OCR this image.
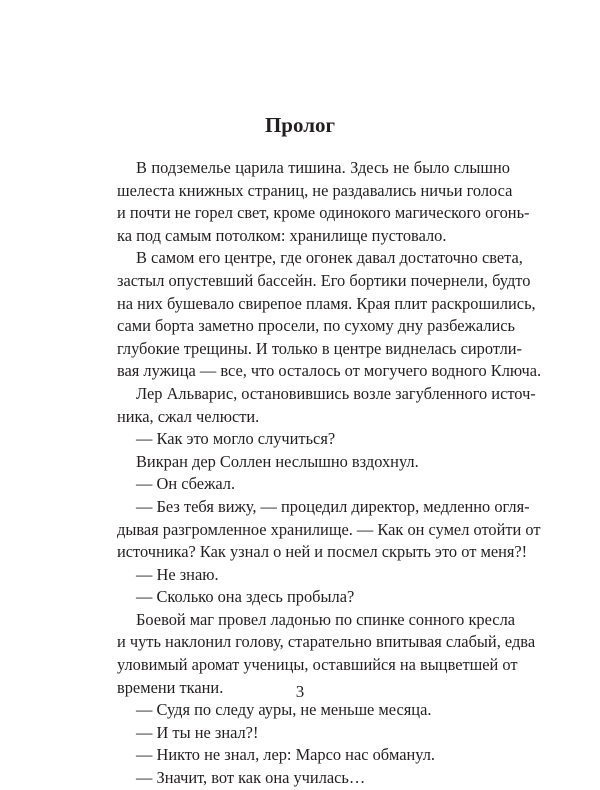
Пролог

В подземелье царила тишина. Здесь не было слышно
шелеста книжных страниц, не раздавались ничьи голоса
и почти не горел свет, кроме одинокого магического огонь-
ка под самым потолком: хранилище пустовало.

В самом его центре, где огонек давал достаточно света,
застыл опустевший бассейн. Его бортики почернели, будто
на них бушевало свирепое пламя. Края плит раскрошились,
сами борта заметно просели, по сухому дну разбежались
глубокие трещины. И только в центре виднелась сиротли-
вая лужица — все, что осталось от могучего водного Ключа.

Лер Альварис, остановившись возле загубленного источ-
ника, сжал челюсти.

— Как это могло случиться?

Викран дер Соллен неслышно вздохнул.

— Он сбежал.

— Без тебя вижу, — процедил директор, медленно огля-
дывая разгромленное хранилище. — Как он сумел отойти от
источника? Как узнал о ней и посмел скрыть это от меня?!

— Не знаю.

— Сколько она здесь пробыла?

Боевой маг провел ладонью по спинке сонного кресла
и чуть наклонил голову, старательно впитывая слабый, едва
уловимый аромат ученицы, оставшийся на выцветшей от
времени ткани.

— Судя по следу ауры, не меньше месяца.

— И ты не знал?!

— Никто не знал, лер: Марсо нас обманул.

— Значит, вот как она училась…

3
